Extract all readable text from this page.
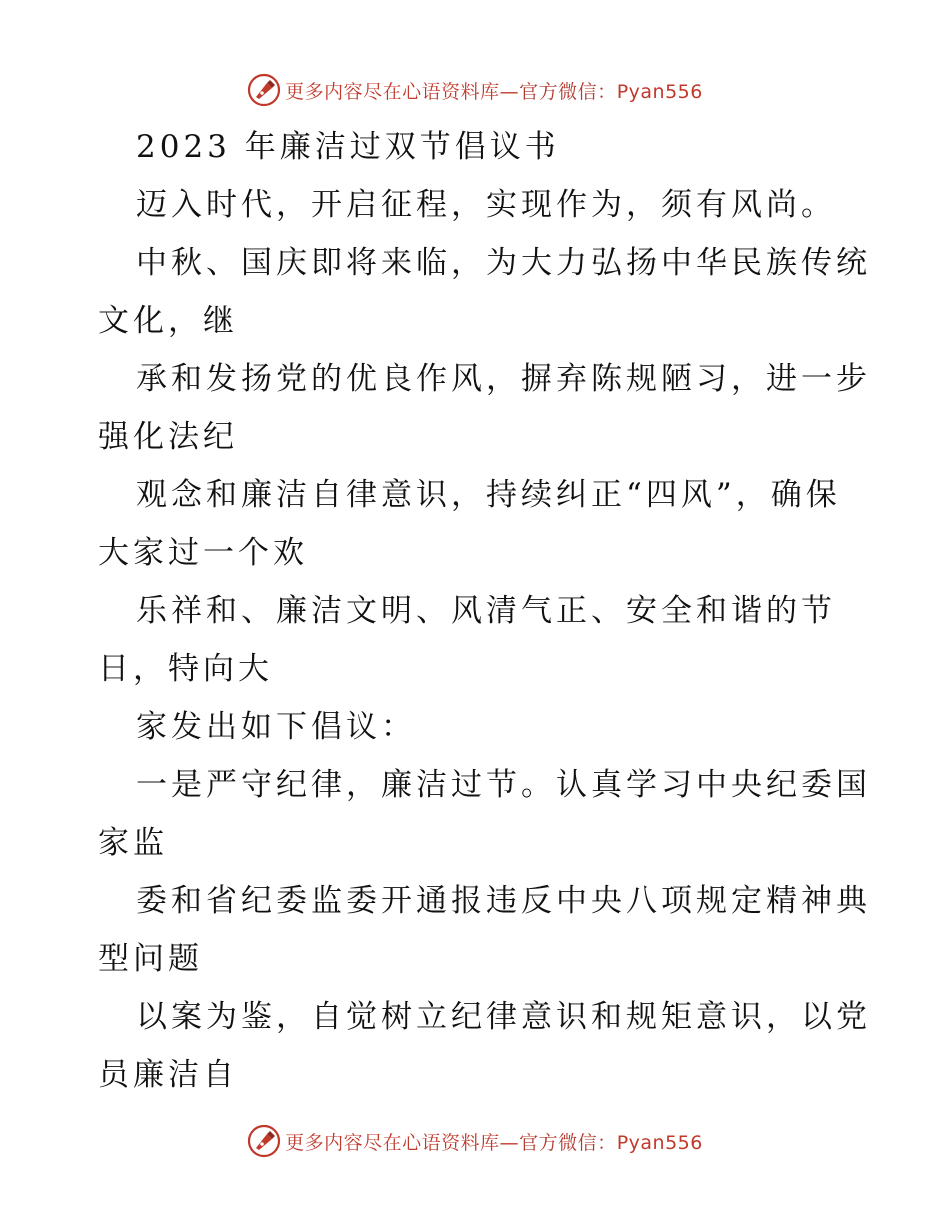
更多内容尽在心语资料库—官方微信：Pyan556
2023 年廉洁过双节倡议书
迈入时代，开启征程，实现作为，须有风尚。
中秋、国庆即将来临，为大力弘扬中华民族传统
文化，继
承和发扬党的优良作风，摒弃陈规陋习，进一步
强化法纪
观念和廉洁自律意识，持续纠正“四风”，确保
大家过一个欢
乐祥和、廉洁文明、风清气正、安全和谐的节
日，特向大
家发出如下倡议：
一是严守纪律，廉洁过节。认真学习中央纪委国
家监
委和省纪委监委开通报违反中央八项规定精神典
型问题
以案为鉴，自觉树立纪律意识和规矩意识，以党
员廉洁自
更多内容尽在心语资料库—官方微信：Pyan556
